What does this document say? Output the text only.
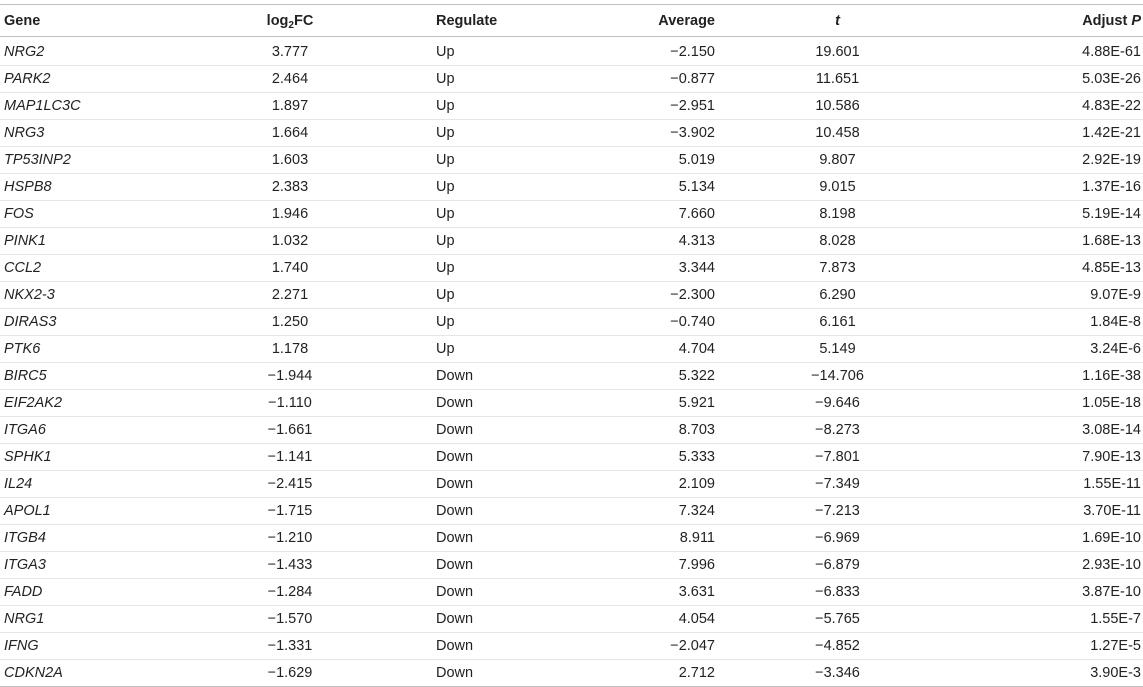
Gene	$\log_2FC$	Regulate	Average	t	Adjust P
NRG2	3.777	Up	−2.150	19.601	4.88E-61
PARK2	2.464	Up	−0.877	11.651	5.03E-26
MAP1LC3C	1.897	Up	−2.951	10.586	4.83E-22
NRG3	1.664	Up	−3.902	10.458	1.42E-21
TP53INP2	1.603	Up	5.019	9.807	2.92E-19
HSPB8	2.383	Up	5.134	9.015	1.37E-16
FOS	1.946	Up	7.660	8.198	5.19E-14
PINK1	1.032	Up	4.313	8.028	1.68E-13
CCL2	1.740	Up	3.344	7.873	4.85E-13
NKX2-3	2.271	Up	−2.300	6.290	9.07E-9
DIRAS3	1.250	Up	−0.740	6.161	1.84E-8
PTK6	1.178	Up	4.704	5.149	3.24E-6
BIRC5	−1.944	Down	5.322	−14.706	1.16E-38
EIF2AK2	−1.110	Down	5.921	−9.646	1.05E-18
ITGA6	−1.661	Down	8.703	−8.273	3.08E-14
SPHK1	−1.141	Down	5.333	−7.801	7.90E-13
IL24	−2.415	Down	2.109	−7.349	1.55E-11
APOL1	−1.715	Down	7.324	−7.213	3.70E-11
ITGB4	−1.210	Down	8.911	−6.969	1.69E-10
ITGA3	−1.433	Down	7.996	−6.879	2.93E-10
FADD	−1.284	Down	3.631	−6.833	3.87E-10
NRG1	−1.570	Down	4.054	−5.765	1.55E-7
IFNG	−1.331	Down	−2.047	−4.852	1.27E-5
CDKN2A	−1.629	Down	2.712	−3.346	3.90E-3
